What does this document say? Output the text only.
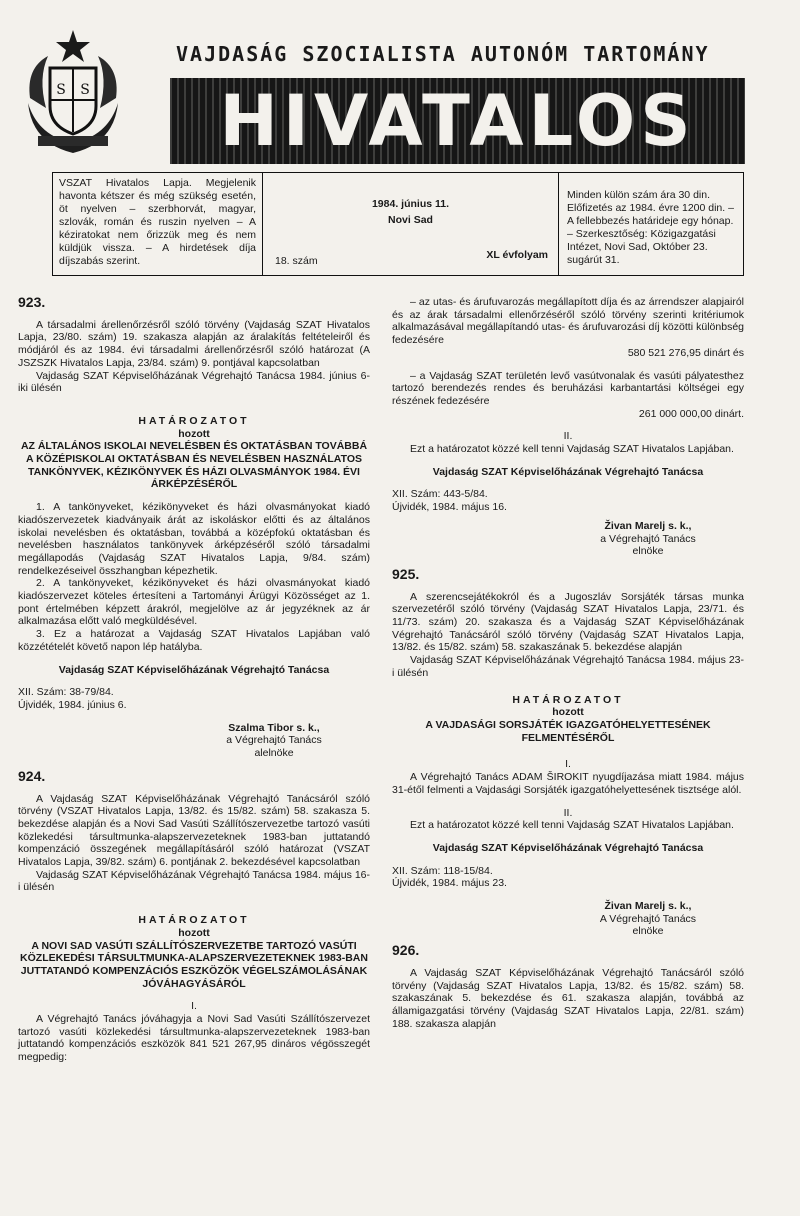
S S
VAJDASÁG SZOCIALISTA AUTONÓM TARTOMÁNY
HIVATALOS
VSZAT Hivatalos Lapja. Megjelenik havonta kétszer és még szükség esetén, öt nyelven – szerbhorvát, magyar, szlovák, román és ruszin nyelven – A kéziratokat nem őrizzük meg és nem küldjük vissza. – A hirdetések díja díjszabás szerint.
1984. június 11.
Novi Sad
18. szám	XL évfolyam
Minden külön szám ára 30 din. Előfizetés az 1984. évre 1200 din. – A fellebbezés határideje egy hónap. – Szerkesztőség: Közigazgatási Intézet, Novi Sad, Október 23. sugárút 31.

923.

A társadalmi árellenőrzésről szóló törvény (Vajdaság SZAT Hivatalos Lapja, 23/80. szám) 19. szakasza alapján az áralakítás feltételeiről és módjáról és az 1984. évi társadalmi árellenőrzésről szóló határozat (A JSZSZK Hivatalos Lapja, 23/84. szám) 9. pontjával kapcsolatban

Vajdaság SZAT Képviselőházának Végrehajtó Tanácsa 1984. június 6-iki ülésén

HATÁROZATOT

hozott

AZ ÁLTALÁNOS ISKOLAI NEVELÉSBEN ÉS OKTATÁSBAN TOVÁBBÁ A KÖZÉPISKOLAI OKTATÁSBAN ÉS NEVELÉSBEN HASZNÁLATOS TANKÖNYVEK, KÉZIKÖNYVEK ÉS HÁZI OLVASMÁNYOK 1984. ÉVI ÁRKÉPZÉSÉRŐL

1. A tankönyveket, kézikönyveket és házi olvasmányokat kiadó kiadószervezetek kiadványaik árát az iskoláskor előtti és az általános iskolai nevelésben és oktatásban, továbbá a középfokú oktatásban és nevelésben használatos tankönyvek árképzéséről szóló társadalmi megállapodás (Vajdaság SZAT Hivatalos Lapja, 9/84. szám) rendelkezéseivel összhangban képezhetik.

2. A tankönyveket, kézikönyveket és házi olvasmányokat kiadó kiadószervezet köteles értesíteni a Tartományi Árügyi Közösséget az 1. pont értelmében képzett árakról, megjelölve az ár jegyzéknek az ár alkalmazása előtt való megküldésével.

3. Ez a határozat a Vajdaság SZAT Hivatalos Lapjában való közzétételét követő napon lép hatályba.

Vajdaság SZAT Képviselőházának Végrehajtó Tanácsa

XII. Szám: 38-79/84.

Újvidék, 1984. június 6.

Szalma Tibor s. k.,

a Végrehajtó Tanács

alelnöke

924.

A Vajdaság SZAT Képviselőházának Végrehajtó Tanácsáról szóló törvény (VSZAT Hivatalos Lapja, 13/82. és 15/82. szám) 58. szakasza 5. bekezdése alapján és a Novi Sad Vasúti Szállítószervezetbe tartozó vasúti közlekedési társultmunka-alapszervezeteknek 1983-ban juttatandó kompenzáció összegének megállapításáról szóló határozat (VSZAT Hivatalos Lapja, 39/82. szám) 6. pontjának 2. bekezdésével kapcsolatban

Vajdaság SZAT Képviselőházának Végrehajtó Tanácsa 1984. május 16-i ülésén

HATÁROZATOT

hozott

A NOVI SAD VASÚTI SZÁLLÍTÓSZERVEZETBE TARTOZÓ VASÚTI KÖZLEKEDÉSI TÁRSULTMUNKA-ALAPSZERVEZETEKNEK 1983-BAN JUTTATANDÓ KOMPENZÁCIÓS ESZKÖZÖK VÉGELSZÁMOLÁSÁNAK JÓVÁHAGYÁSÁRÓL

I.

A Végrehajtó Tanács jóváhagyja a Novi Sad Vasúti Szállítószervezet tartozó vasúti közlekedési társultmunka-alapszervezeteknek 1983-ban juttatandó kompenzációs eszközök 841 521 267,95 dináros végösszegét megpedig:

– az utas- és árufuvarozás megállapított díja és az árrendszer alapjairól és az árak társadalmi ellenőrzéséről szóló törvény szerinti kritériumok alkalmazásával megállapítandó utas- és árufuvarozási díj közötti különbség fedezésére

580 521 276,95 dinárt és

– a Vajdaság SZAT területén levő vasútvonalak és vasúti pályatesthez tartozó berendezés rendes és beruházási karbantartási költségei egy részének fedezésére

261 000 000,00 dinárt.

II.

Ezt a határozatot közzé kell tenni Vajdaság SZAT Hivatalos Lapjában.

Vajdaság SZAT Képviselőházának Végrehajtó Tanácsa

XII. Szám: 443-5/84.

Újvidék, 1984. május 16.

Živan Marelj s. k.,

a Végrehajtó Tanács

elnöke

925.

A szerencsejátékokról és a Jugoszláv Sorsjáték társas munka szervezetéről szóló törvény (Vajdaság SZAT Hivatalos Lapja, 23/71. és 11/73. szám) 20. szakasza és a Vajdaság SZAT Képviselőházának Végrehajtó Tanácsáról szóló törvény (Vajdaság SZAT Hivatalos Lapja, 13/82. és 15/82. szám) 58. szakaszának 5. bekezdése alapján

Vajdaság SZAT Képviselőházának Végrehajtó Tanácsa 1984. május 23-i ülésén

HATÁROZATOT

hozott

A VAJDASÁGI SORSJÁTÉK IGAZGATÓHELYETTESÉNEK FELMENTÉSÉRŐL

I.

A Végrehajtó Tanács ADAM ŠIROKIT nyugdíjazása miatt 1984. május 31-étől felmenti a Vajdasági Sorsjáték igazgatóhelyettesének tisztsége alól.

II.

Ezt a határozatot közzé kell tenni Vajdaság SZAT Hivatalos Lapjában.

Vajdaság SZAT Képviselőházának Végrehajtó Tanácsa

XII. Szám: 118-15/84.

Újvidék, 1984. május 23.

Živan Marelj s. k.,

A Végrehajtó Tanács

elnöke

926.

A Vajdaság SZAT Képviselőházának Végrehajtó Tanácsáról szóló törvény (Vajdaság SZAT Hivatalos Lapja, 13/82. és 15/82. szám) 58. szakaszának 5. bekezdése és 61. szakasza alapján, továbbá az államigazgatási törvény (Vajdaság SZAT Hivatalos Lapja, 22/81. szám) 188. szakasza alapján
